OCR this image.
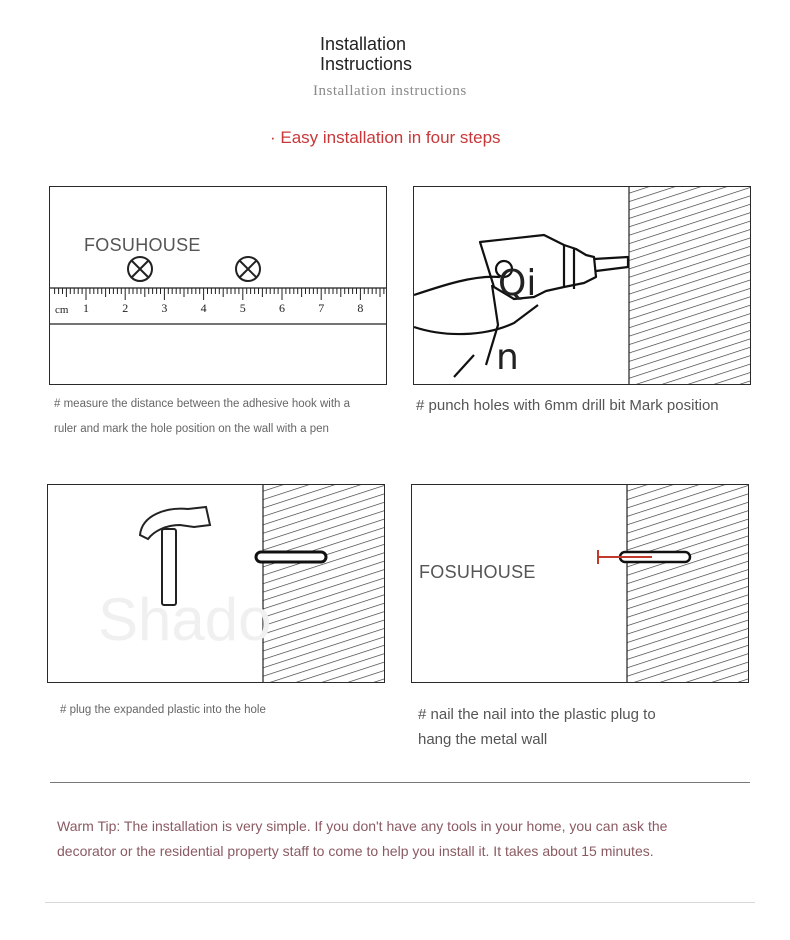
Installation
Instructions
Installation instructions
· Easy installation in four steps
FOSUHOUSE
cm 1	2	3	4	5	6	7	8
# measure the distance between the adhesive hook with a
ruler and mark the hole position on the wall with a pen
Qi
n
# punch holes with 6mm drill bit Mark position
Shado
# plug the expanded plastic into the hole
FOSUHOUSE
# nail the nail into the plastic plug to
hang the metal wall
Warm Tip: The installation is very simple. If you don't have any tools in your home, you can ask the
decorator or the residential property staff to come to help you install it. It takes about 15 minutes.
